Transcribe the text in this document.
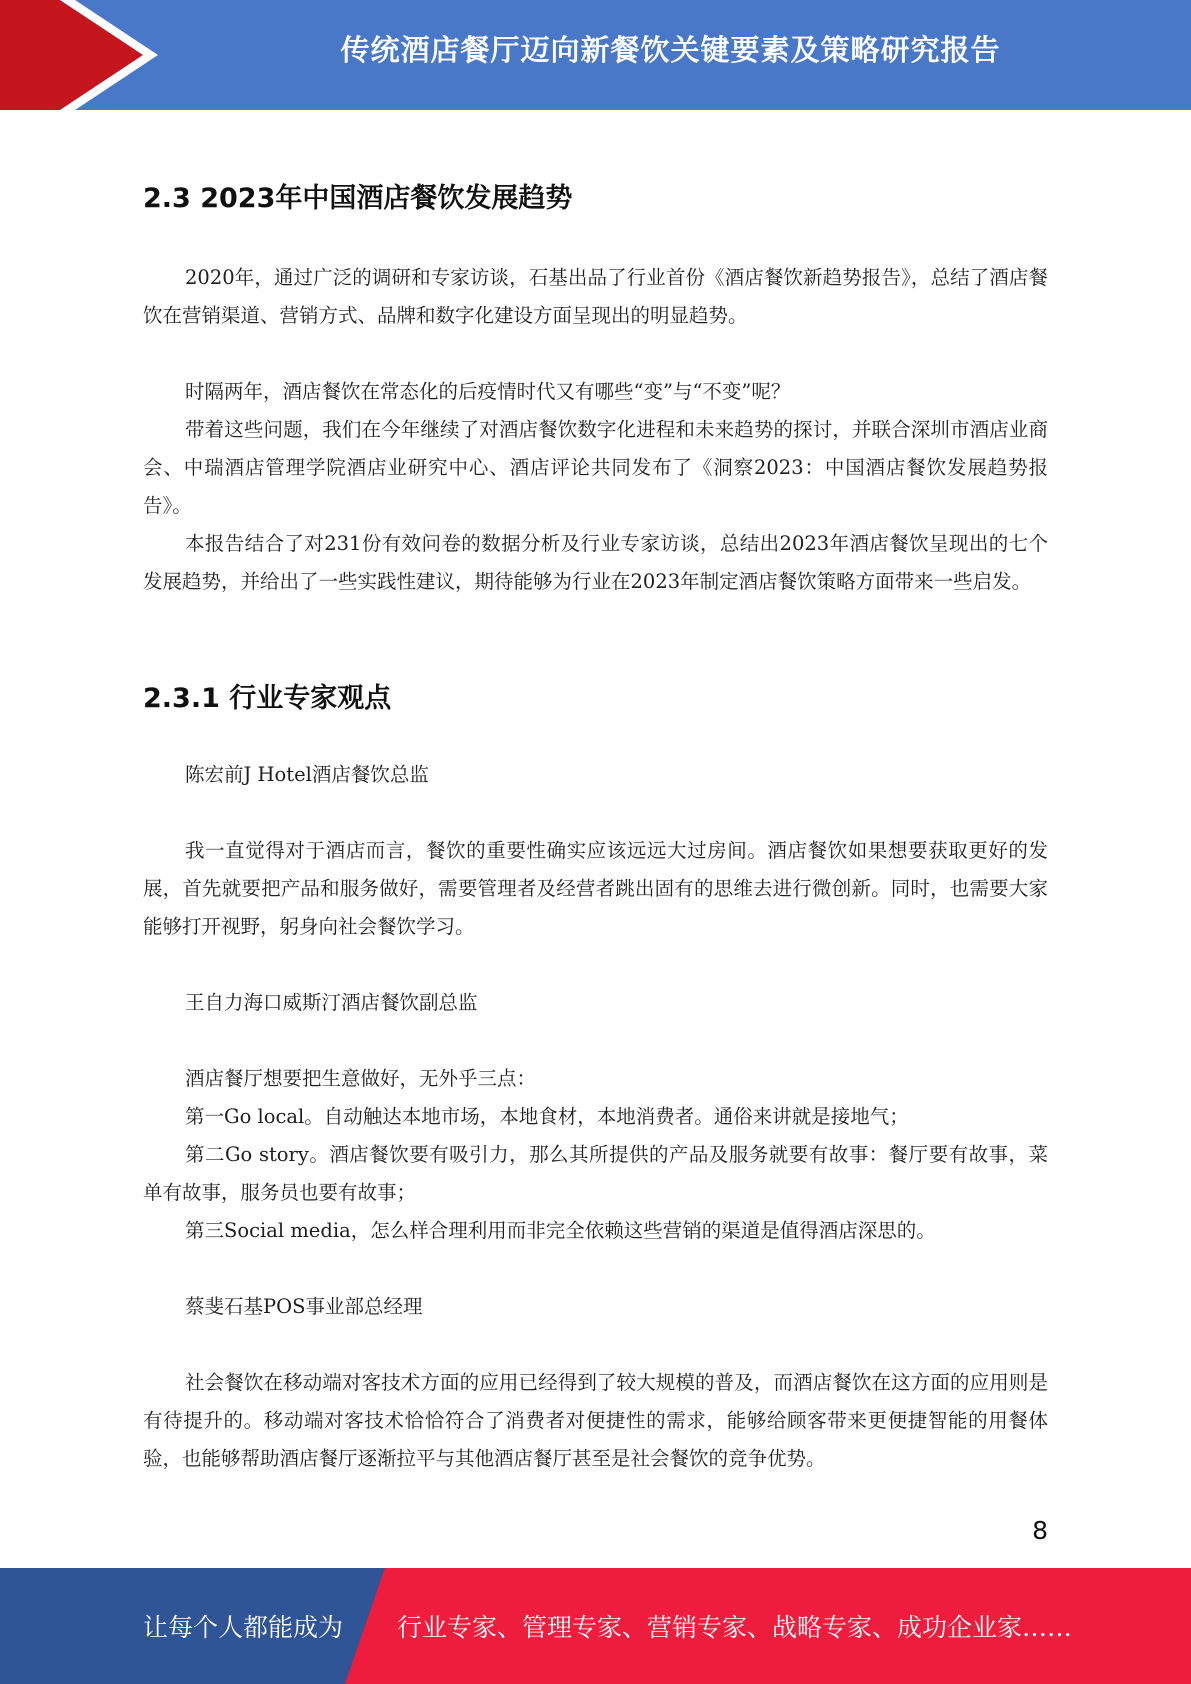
传统酒店餐厅迈向新餐饮关键要素及策略研究报告
2.3 2023年中国酒店餐饮发展趋势
2020年，通过广泛的调研和专家访谈，石基出品了行业首份《酒店餐饮新趋势报告》，总结了酒店餐饮在营销渠道、营销方式、品牌和数字化建设方面呈现出的明显趋势。
时隔两年，酒店餐饮在常态化的后疫情时代又有哪些“变”与“不变”呢？
带着这些问题，我们在今年继续了对酒店餐饮数字化进程和未来趋势的探讨，并联合深圳市酒店业商会、中瑞酒店管理学院酒店业研究中心、酒店评论共同发布了《洞察2023：中国酒店餐饮发展趋势报告》。
本报告结合了对231份有效问卷的数据分析及行业专家访谈，总结出2023年酒店餐饮呈现出的七个发展趋势，并给出了一些实践性建议，期待能够为行业在2023年制定酒店餐饮策略方面带来一些启发。
2.3.1 行业专家观点
陈宏前J Hotel酒店餐饮总监
我一直觉得对于酒店而言，餐饮的重要性确实应该远远大过房间。酒店餐饮如果想要获取更好的发展，首先就要把产品和服务做好，需要管理者及经营者跳出固有的思维去进行微创新。同时，也需要大家能够打开视野，躬身向社会餐饮学习。
王自力海口威斯汀酒店餐饮副总监
酒店餐厅想要把生意做好，无外乎三点：
第一Go local。自动触达本地市场，本地食材，本地消费者。通俗来讲就是接地气；
第二Go story。酒店餐饮要有吸引力，那么其所提供的产品及服务就要有故事：餐厅要有故事，菜单有故事，服务员也要有故事；
第三Social media，怎么样合理利用而非完全依赖这些营销的渠道是值得酒店深思的。
蔡斐石基POS事业部总经理
社会餐饮在移动端对客技术方面的应用已经得到了较大规模的普及，而酒店餐饮在这方面的应用则是有待提升的。移动端对客技术恰恰符合了消费者对便捷性的需求，能够给顾客带来更便捷智能的用餐体验，也能够帮助酒店餐厅逐渐拉平与其他酒店餐厅甚至是社会餐饮的竞争优势。
8
让每个人都能成为 行业专家、管理专家、营销专家、战略专家、成功企业家……
